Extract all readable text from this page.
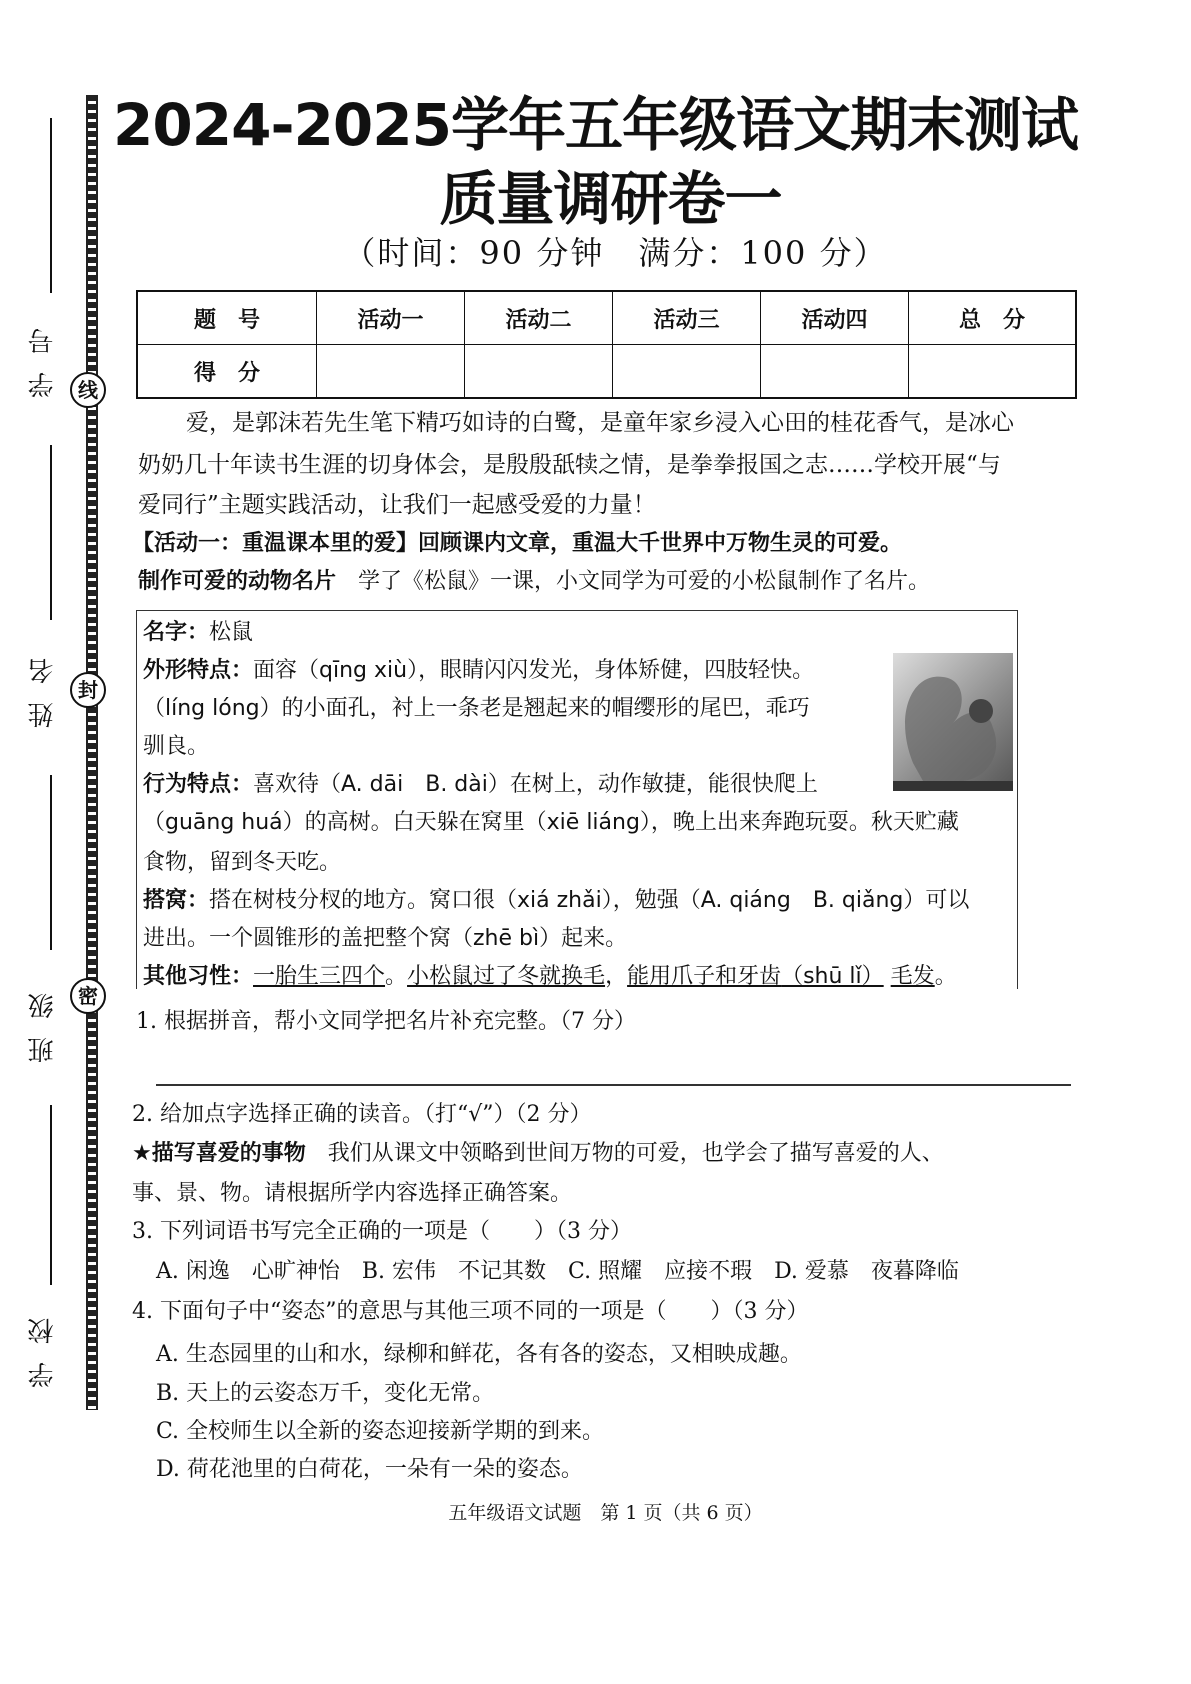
学号
姓名
班级
学校
线
封
密
2024-2025学年五年级语文期末测试
质量调研卷一
（时间：90 分钟　满分：100 分）
题　号	活动一	活动二	活动三	活动四	总　分
得　分					
爱，是郭沫若先生笔下精巧如诗的白鹭，是童年家乡浸入心田的桂花香气，是冰心
奶奶几十年读书生涯的切身体会，是殷殷舐犊之情，是拳拳报国之志……学校开展“与
爱同行”主题实践活动，让我们一起感受爱的力量！
【活动一：重温课本里的爱】回顾课内文章，重温大千世界中万物生灵的可爱。
制作可爱的动物名片　学了《松鼠》一课，小文同学为可爱的小松鼠制作了名片。
名字：松鼠
外形特点：面容（qīng xiù），眼睛闪闪发光，身体矫健，四肢轻快。
（líng lóng）的小面孔，衬上一条老是翘起来的帽缨形的尾巴，乖巧
驯良。
行为特点：喜欢待（A. dāi　B. dài）在树上，动作敏捷，能很快爬上
（guāng huá）的高树。白天躲在窝里（xiē liáng），晚上出来奔跑玩耍。秋天贮藏
食物，留到冬天吃。
搭窝：搭在树枝分杈的地方。窝口很（xiá zhǎi），勉强（A. qiáng　B. qiǎng）可以
进出。一个圆锥形的盖把整个窝（zhē bì）起来。
其他习性：一胎生三四个。小松鼠过了冬就换毛，能用爪子和牙齿（shū lǐ） 毛发。
1. 根据拼音，帮小文同学把名片补充完整。（7 分）
2. 给加点字选择正确的读音。（打“√”）（2 分）
★描写喜爱的事物　我们从课文中领略到世间万物的可爱，也学会了描写喜爱的人、
事、景、物。请根据所学内容选择正确答案。
3. 下列词语书写完全正确的一项是（　　）（3 分）
A. 闲逸　心旷神怡　B. 宏伟　不记其数　C. 照耀　应接不瑕　D. 爱慕　夜暮降临
4. 下面句子中“姿态”的意思与其他三项不同的一项是（　　）（3 分）
A. 生态园里的山和水，绿柳和鲜花，各有各的姿态，又相映成趣。
B. 天上的云姿态万千，变化无常。
C. 全校师生以全新的姿态迎接新学期的到来。
D. 荷花池里的白荷花，一朵有一朵的姿态。
五年级语文试题　第 1 页（共 6 页）
